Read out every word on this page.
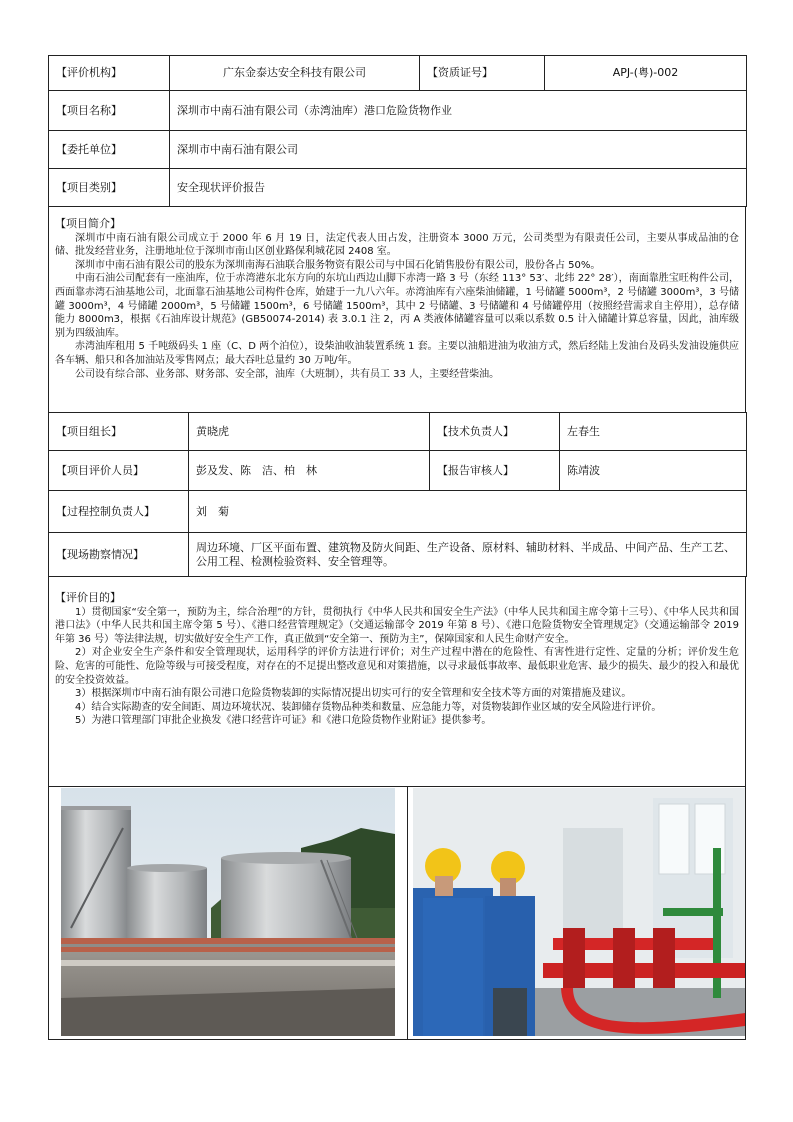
【评价机构】	广东金泰达安全科技有限公司	【资质证号】	APJ-(粤)-002
【项目名称】	深圳市中南石油有限公司（赤湾油库）港口危险货物作业		
【委托单位】	深圳市中南石油有限公司		
【项目类别】	安全现状评价报告		
【项目简介】

深圳市中南石油有限公司成立于 2000 年 6 月 19 日，法定代表人田占发，注册资本 3000 万元，公司类型为有限责任公司，主要从事成品油的仓储、批发经营业务，注册地址位于深圳市南山区创业路保利城花园 2408 室。

深圳市中南石油有限公司的股东为深圳南海石油联合服务物资有限公司与中国石化销售股份有限公司，股份各占 50%。

中南石油公司配套有一座油库，位于赤湾港东北东方向的东坑山西边山脚下赤湾一路 3 号（东经 113° 53′、北纬 22° 28′），南面靠胜宝旺构件公司，西面靠赤湾石油基地公司，北面靠石油基地公司构件仓库，始建于一九八六年。赤湾油库有六座柴油储罐，1 号储罐 5000m³，2 号储罐 3000m³，3 号储罐 3000m³，4 号储罐 2000m³，5 号储罐 1500m³，6 号储罐 1500m³，其中 2 号储罐、3 号储罐和 4 号储罐停用（按照经营需求自主停用），总存储能力 8000m3，根据《石油库设计规范》(GB50074-2014) 表 3.0.1 注 2，丙 A 类液体储罐容量可以乘以系数 0.5 计入储罐计算总容量，因此，油库级别为四级油库。

赤湾油库租用 5 千吨级码头 1 座（C、D 两个泊位），设柴油收油装置系统 1 套。主要以油船进油为收油方式，然后经陆上发油台及码头发油设施供应各车辆、船只和各加油站及零售网点；最大吞吐总量约 30 万吨/年。

公司设有综合部、业务部、财务部、安全部，油库（大班制），共有员工 33 人，主要经营柴油。

【项目组长】	黄晓虎	【技术负责人】	左春生
【项目评价人员】	彭及发、陈　洁、柏　林	【报告审核人】	陈靖波
【过程控制负责人】	刘　菊		
【现场勘察情况】	周边环境、厂区平面布置、建筑物及防火间距、生产设备、原材料、辅助材料、半成品、中间产品、生产工艺、公用工程、检测检验资料、安全管理等。		
【评价目的】

1）贯彻国家“安全第一，预防为主，综合治理”的方针，贯彻执行《中华人民共和国安全生产法》（中华人民共和国主席令第十三号）、《中华人民共和国港口法》（中华人民共和国主席令第 5 号）、《港口经营管理规定》（交通运输部令 2019 年第 8 号）、《港口危险货物安全管理规定》（交通运输部令 2019 年第 36 号）等法律法规，切实做好安全生产工作，真正做到“安全第一、预防为主”，保障国家和人民生命财产安全。

2）对企业安全生产条件和安全管理现状，运用科学的评价方法进行评价；对生产过程中潜在的危险性、有害性进行定性、定量的分析；评价发生危险、危害的可能性、危险等级与可接受程度，对存在的不足提出整改意见和对策措施，以寻求最低事故率、最低职业危害、最少的损失、最少的投入和最优的安全投资效益。

3）根据深圳市中南石油有限公司港口危险货物装卸的实际情况提出切实可行的安全管理和安全技术等方面的对策措施及建议。

4）结合实际勘查的安全间距、周边环境状况、装卸储存货物品种类和数量、应急能力等，对货物装卸作业区域的安全风险进行评价。

5）为港口管理部门审批企业换发《港口经营许可证》和《港口危险货物作业附证》提供参考。
